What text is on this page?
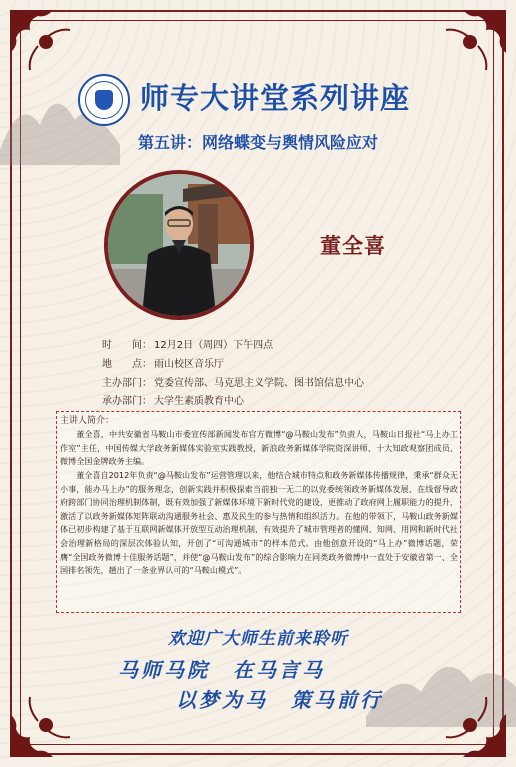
师专大讲堂系列讲座
第五讲：网络蝶变与舆情风险应对
董全喜
时　　间： 12月2日（周四）下午四点
地　　点： 雨山校区音乐厅
主办部门： 党委宣传部、马克思主义学院、图书馆信息中心
承办部门： 大学生素质教育中心
主讲人简介：
董全喜，中共安徽省马鞍山市委宣传部新闻发布官方微博“@马鞍山发布”负责人，马鞍山日报社“马上办工作室”主任，中国传媒大学政务新媒体实验室实践教授，新浪政务新媒体学院资深讲师、十大知政观察团成员、微博全国金牌政务主编。
董全喜自2012年负责“@马鞍山发布”运营管理以来，他结合城市特点和政务新媒体传播规律，秉承“群众无小事，能办马上办”的服务理念，创新实践并积极探索当前独一无二的以党委统领政务新媒体发展、在线督导政府跨部门协同治理机制体制，既有效加强了新媒体环境下新时代党的建设，更推动了政府网上履职能力的提升，激活了以政务新媒体矩阵联动沟通服务社会、惠及民生的参与热情和组织活力。在他的带领下，马鞍山政务新媒体已初步构建了基于互联网新媒体开放型互动治理机制，有效提升了城市管理者的懂网、知网、用网和新时代社会治理新格局的深层次体验认知，开创了“可沟通城市”的样本范式。由他创意开设的“马上办”微博话题，荣膺“全国政务微博十佳服务话题”，并使“@马鞍山发布”的综合影响力在同类政务微博中一直处于安徽省第一、全国排名领先，趟出了一条业界认可的“马鞍山模式”。
欢迎广大师生前来聆听
马师马院　在马言马
以梦为马　策马前行
